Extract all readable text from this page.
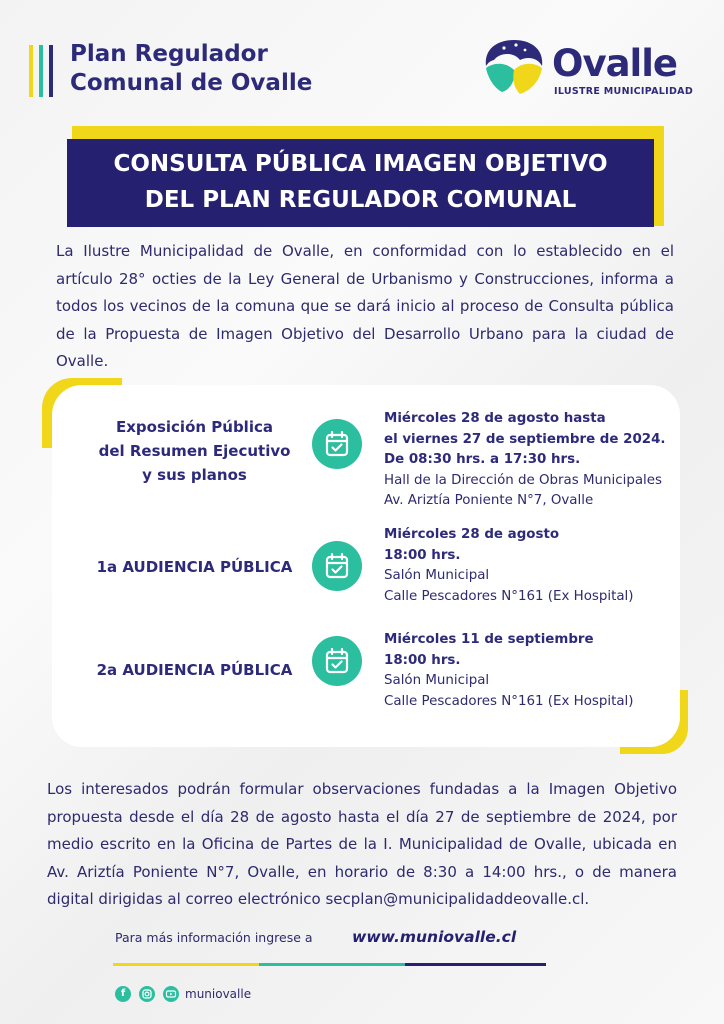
Plan Regulador
Comunal de Ovalle	Ovalle
ILUSTRE MUNICIPALIDAD
CONSULTA PÚBLICA IMAGEN OBJETIVO
DEL PLAN REGULADOR COMUNAL
La Ilustre Municipalidad de Ovalle, en conformidad con lo establecido en el artículo 28° octies de la Ley General de Urbanismo y Construcciones, informa a todos los vecinos de la comuna que se dará inicio al proceso de Consulta pública de la Propuesta de Imagen Objetivo del Desarrollo Urbano para la ciudad de Ovalle.
Exposición Pública
del Resumen Ejecutivo
y sus planos
Miércoles 28 de agosto hasta
el viernes 27 de septiembre de 2024.
De 08:30 hrs. a 17:30 hrs.
Hall de la Dirección de Obras Municipales
Av. Ariztía Poniente N°7, Ovalle
1a AUDIENCIA PÚBLICA
Miércoles 28 de agosto
18:00 hrs.
Salón Municipal
Calle Pescadores N°161 (Ex Hospital)
2a AUDIENCIA PÚBLICA
Miércoles 11 de septiembre
18:00 hrs.
Salón Municipal
Calle Pescadores N°161 (Ex Hospital)
Los interesados podrán formular observaciones fundadas a la Imagen Objetivo propuesta desde el día 28 de agosto hasta el día 27 de septiembre de 2024, por medio escrito en la Oficina de Partes de la I. Municipalidad de Ovalle, ubicada en Av. Ariztía Poniente N°7, Ovalle, en horario de 8:30 a 14:00 hrs., o de manera digital dirigidas al correo electrónico secplan@municipalidaddeovalle.cl.
Para más información ingrese a	www.muniovalle.cl
f	muniovalle
